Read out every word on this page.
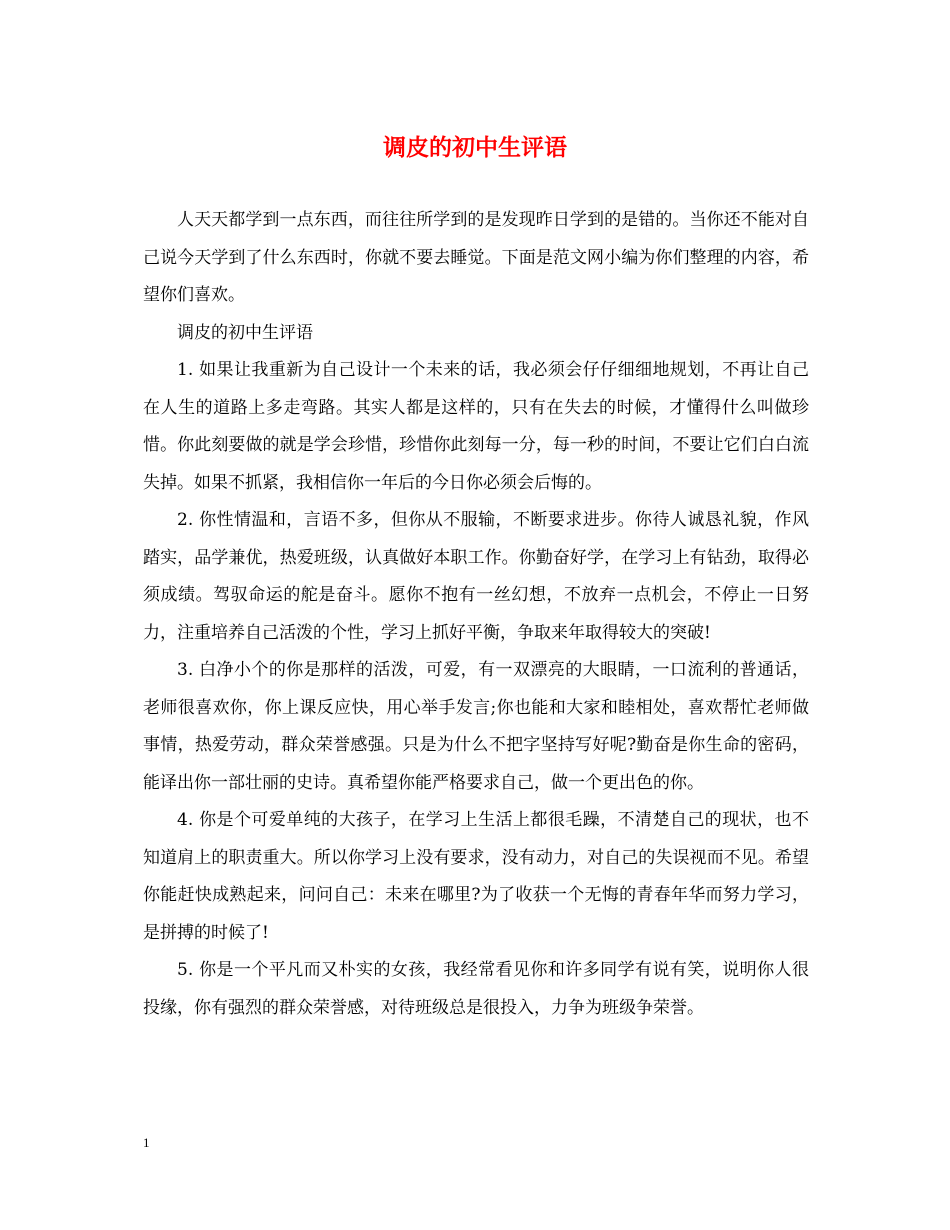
调皮的初中生评语

人天天都学到一点东西，而往往所学到的是发现昨日学到的是错的。当你还不能对自己说今天学到了什么东西时，你就不要去睡觉。下面是范文网小编为你们整理的内容，希望你们喜欢。

调皮的初中生评语

1. 如果让我重新为自己设计一个未来的话，我必须会仔仔细细地规划，不再让自己在人生的道路上多走弯路。其实人都是这样的，只有在失去的时候，才懂得什么叫做珍惜。你此刻要做的就是学会珍惜，珍惜你此刻每一分，每一秒的时间，不要让它们白白流失掉。如果不抓紧，我相信你一年后的今日你必须会后悔的。

2. 你性情温和，言语不多，但你从不服输，不断要求进步。你待人诚恳礼貌，作风踏实，品学兼优，热爱班级，认真做好本职工作。你勤奋好学，在学习上有钻劲，取得必须成绩。驾驭命运的舵是奋斗。愿你不抱有一丝幻想，不放弃一点机会，不停止一日努力，注重培养自己活泼的个性，学习上抓好平衡，争取来年取得较大的突破!

3. 白净小个的你是那样的活泼，可爱，有一双漂亮的大眼睛，一口流利的普通话，老师很喜欢你，你上课反应快，用心举手发言;你也能和大家和睦相处，喜欢帮忙老师做事情，热爱劳动，群众荣誉感强。只是为什么不把字坚持写好呢?勤奋是你生命的密码，能译出你一部壮丽的史诗。真希望你能严格要求自己，做一个更出色的你。

4. 你是个可爱单纯的大孩子，在学习上生活上都很毛躁，不清楚自己的现状，也不知道肩上的职责重大。所以你学习上没有要求，没有动力，对自己的失误视而不见。希望你能赶快成熟起来，问问自己：未来在哪里?为了收获一个无悔的青春年华而努力学习，是拼搏的时候了!

5. 你是一个平凡而又朴实的女孩，我经常看见你和许多同学有说有笑，说明你人很投缘，你有强烈的群众荣誉感，对待班级总是很投入，力争为班级争荣誉。

1
